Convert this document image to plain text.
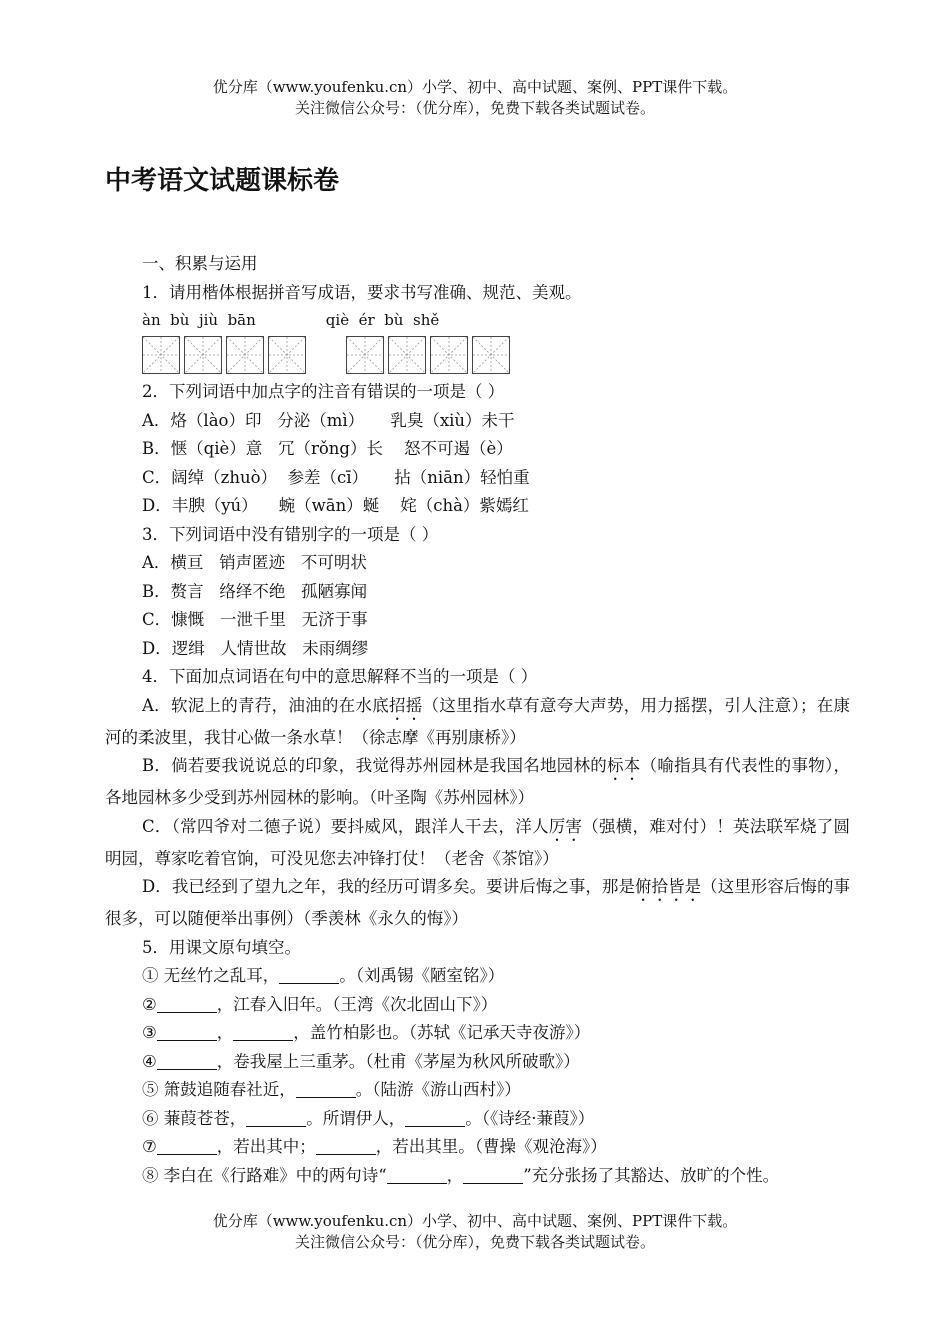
优分库（www.youfenku.cn）小学、初中、高中试题、案例、PPT课件下载。
关注微信公众号：（优分库），免费下载各类试题试卷。
中考语文试题课标卷
一、积累与运用
1．请用楷体根据拼音写成语，要求书写准确、规范、美观。
àn  bù  jiù  bān	qiè  ér  bù  shě
2．下列词语中加点字的注音有错误的一项是（ ）
A．烙（lào）印   分泌（mì）     乳臭（xiù）未干
B．惬（qiè）意   冗（rǒng）长    怒不可遏（è）
C．阔绰（zhuò）  参差（cī）     拈（niān）轻怕重
D．丰腴（yú）    蜿（wān）蜒    姹（chà）紫嫣红
3．下列词语中没有错别字的一项是（ ）
A．横亘   销声匿迹   不可明状
B．赘言   络绎不绝   孤陋寡闻
C．慷慨   一泄千里   无济于事
D．逻缉   人情世故   未雨绸缪
4．下面加点词语在句中的意思解释不当的一项是（ ）
A．软泥上的青荇，油油的在水底招摇（这里指水草有意夸大声势，用力摇摆，引人注意）；在康河的柔波里，我甘心做一条水草！（徐志摩《再别康桥》）
B．倘若要我说说总的印象，我觉得苏州园林是我国名地园林的标本（喻指具有代表性的事物），各地园林多少受到苏州园林的影响。（叶圣陶《苏州园林》）
C．（常四爷对二德子说）要抖威风，跟洋人干去，洋人厉害（强横，难对付）！英法联军烧了圆明园，尊家吃着官饷，可没见您去冲锋打仗！（老舍《茶馆》）
D．我已经到了望九之年，我的经历可谓多矣。要讲后悔之事，那是俯拾皆是（这里形容后悔的事很多，可以随便举出事例）（季羡林《永久的悔》）
5．用课文原句填空。
① 无丝竹之乱耳，	。（刘禹锡《陋室铭》）
②	，江春入旧年。（王湾《次北固山下》）
③	，	，盖竹柏影也。（苏轼《记承天寺夜游》）
④	，卷我屋上三重茅。（杜甫《茅屋为秋风所破歌》）
⑤ 箫鼓追随春社近，	。（陆游《游山西村》）
⑥ 蒹葭苍苍，	。所谓伊人，	。（《诗经·蒹葭》）
⑦	，若出其中；	，若出其里。（曹操《观沧海》）
⑧ 李白在《行路难》中的两句诗“	，	”充分张扬了其豁达、放旷的个性。
优分库（www.youfenku.cn）小学、初中、高中试题、案例、PPT课件下载。
关注微信公众号：（优分库），免费下载各类试题试卷。
